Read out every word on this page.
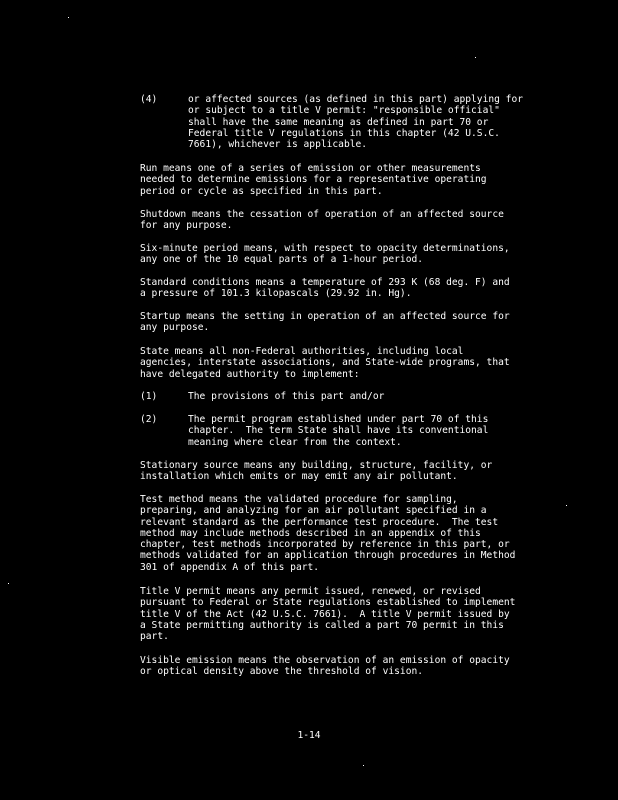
(4)	or affected sources (as defined in this part) applying for
or subject to a title V permit: "responsible official"
shall have the same meaning as defined in part 70 or
Federal title V regulations in this chapter (42 U.S.C.
7661), whichever is applicable.
Run means one of a series of emission or other measurements
needed to determine emissions for a representative operating
period or cycle as specified in this part.
Shutdown means the cessation of operation of an affected source
for any purpose.
Six-minute period means, with respect to opacity determinations,
any one of the 10 equal parts of a 1-hour period.
Standard conditions means a temperature of 293 K (68 deg. F) and
a pressure of 101.3 kilopascals (29.92 in. Hg).
Startup means the setting in operation of an affected source for
any purpose.
State means all non-Federal authorities, including local
agencies, interstate associations, and State-wide programs, that
have delegated authority to implement:
(1)	The provisions of this part and/or
(2)	The permit program established under part 70 of this
chapter.  The term State shall have its conventional
meaning where clear from the context.
Stationary source means any building, structure, facility, or
installation which emits or may emit any air pollutant.
Test method means the validated procedure for sampling,
preparing, and analyzing for an air pollutant specified in a
relevant standard as the performance test procedure.  The test
method may include methods described in an appendix of this
chapter, test methods incorporated by reference in this part, or
methods validated for an application through procedures in Method
301 of appendix A of this part.
Title V permit means any permit issued, renewed, or revised
pursuant to Federal or State regulations established to implement
title V of the Act (42 U.S.C. 7661).  A title V permit issued by
a State permitting authority is called a part 70 permit in this
part.
Visible emission means the observation of an emission of opacity
or optical density above the threshold of vision.
1-14
